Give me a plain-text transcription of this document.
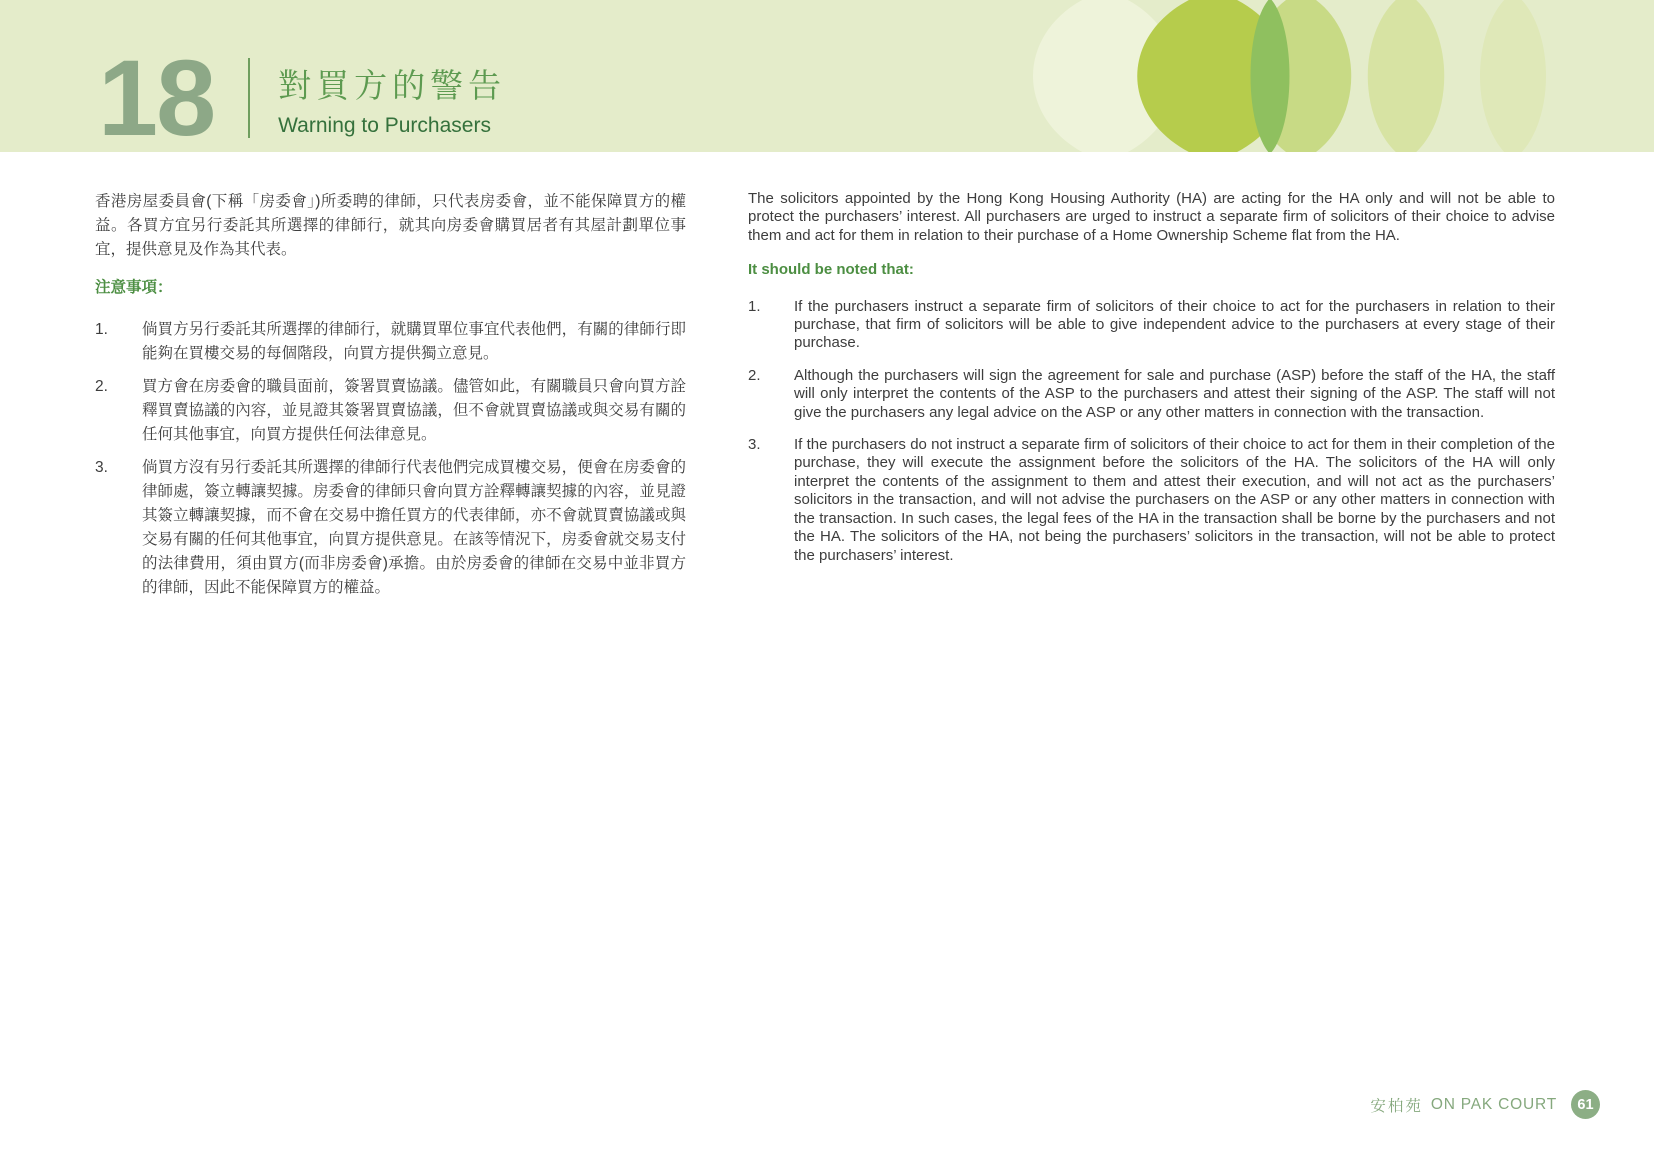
18 對買方的警告
Warning to Purchasers

香港房屋委員會(下稱「房委會」)所委聘的律師，只代表房委會，並不能保障買方的權益。各買方宜另行委託其所選擇的律師行，就其向房委會購買居者有其屋計劃單位事宜，提供意見及作為其代表。

注意事項：

1.	倘買方另行委託其所選擇的律師行，就購買單位事宜代表他們，有關的律師行即能夠在買樓交易的每個階段，向買方提供獨立意見。
2.	買方會在房委會的職員面前，簽署買賣協議。儘管如此，有關職員只會向買方詮釋買賣協議的內容，並見證其簽署買賣協議，但不會就買賣協議或與交易有關的任何其他事宜，向買方提供任何法律意見。
3.	倘買方沒有另行委託其所選擇的律師行代表他們完成買樓交易，便會在房委會的律師處，簽立轉讓契據。房委會的律師只會向買方詮釋轉讓契據的內容，並見證其簽立轉讓契據，而不會在交易中擔任買方的代表律師，亦不會就買賣協議或與交易有關的任何其他事宜，向買方提供意見。在該等情況下，房委會就交易支付的法律費用，須由買方(而非房委會)承擔。由於房委會的律師在交易中並非買方的律師，因此不能保障買方的權益。

The solicitors appointed by the Hong Kong Housing Authority (HA) are acting for the HA only and will not be able to protect the purchasers’ interest. All purchasers are urged to instruct a separate firm of solicitors of their choice to advise them and act for them in relation to their purchase of a Home Ownership Scheme flat from the HA.

It should be noted that:

1.	If the purchasers instruct a separate firm of solicitors of their choice to act for the purchasers in relation to their purchase, that firm of solicitors will be able to give independent advice to the purchasers at every stage of their purchase.
2.	Although the purchasers will sign the agreement for sale and purchase (ASP) before the staff of the HA, the staff will only interpret the contents of the ASP to the purchasers and attest their signing of the ASP. The staff will not give the purchasers any legal advice on the ASP or any other matters in connection with the transaction.
3.	If the purchasers do not instruct a separate firm of solicitors of their choice to act for them in their completion of the purchase, they will execute the assignment before the solicitors of the HA. The solicitors of the HA will only interpret the contents of the assignment to them and attest their execution, and will not act as the purchasers’ solicitors in the transaction, and will not advise the purchasers on the ASP or any other matters in connection with the transaction. In such cases, the legal fees of the HA in the transaction shall be borne by the purchasers and not the HA. The solicitors of the HA, not being the purchasers’ solicitors in the transaction, will not be able to protect the purchasers’ interest.
安柏苑 ON PAK COURT	61
